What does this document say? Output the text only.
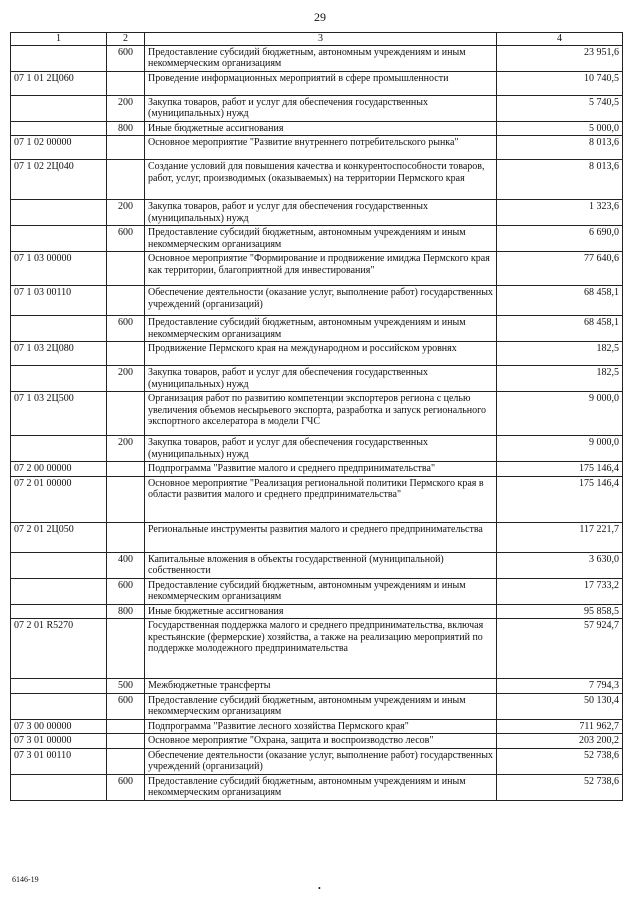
29
1	2	3	4
	600	Предоставление субсидий бюджетным, автономным учреждениям и иным некоммерческим организациям	23 951,6
07 1 01 2Ц060		Проведение информационных мероприятий в сфере промышленности	10 740,5
	200	Закупка товаров, работ и услуг для обеспечения государственных (муниципальных) нужд	5 740,5
	800	Иные бюджетные ассигнования	5 000,0
07 1 02 00000		Основное мероприятие "Развитие внутреннего потребительского рынка"	8 013,6
07 1 02 2Ц040		Создание условий для повышения качества и конкурентоспособности товаров, работ, услуг, производимых (оказываемых) на территории Пермского края	8 013,6
	200	Закупка товаров, работ и услуг для обеспечения государственных (муниципальных) нужд	1 323,6
	600	Предоставление субсидий бюджетным, автономным учреждениям и иным некоммерческим организациям	6 690,0
07 1 03 00000		Основное мероприятие "Формирование и продвижение имиджа Пермского края как территории, благоприятной для инвестирования"	77 640,6
07 1 03 00110		Обеспечение деятельности (оказание услуг, выполнение работ) государственных учреждений (организаций)	68 458,1
	600	Предоставление субсидий бюджетным, автономным учреждениям и иным некоммерческим организациям	68 458,1
07 1 03 2Ц080		Продвижение Пермского края на международном и российском уровнях	182,5
	200	Закупка товаров, работ и услуг для обеспечения государственных (муниципальных) нужд	182,5
07 1 03 2Ц500		Организация работ по развитию компетенции экспортеров региона с целью увеличения объемов несырьевого экспорта, разработка и запуск регионального экспортного акселератора в модели ГЧС	9 000,0
	200	Закупка товаров, работ и услуг для обеспечения государственных (муниципальных) нужд	9 000,0
07 2 00 00000		Подпрограмма "Развитие малого и среднего предпринимательства"	175 146,4
07 2 01 00000		Основное мероприятие "Реализация региональной политики Пермского края в области развития малого и среднего предпринимательства"	175 146,4
07 2 01 2Ц050		Региональные инструменты развития малого и среднего предпринимательства	117 221,7
	400	Капитальные вложения в объекты государственной (муниципальной) собственности	3 630,0
	600	Предоставление субсидий бюджетным, автономным учреждениям и иным некоммерческим организациям	17 733,2
	800	Иные бюджетные ассигнования	95 858,5
07 2 01 R5270		Государственная поддержка малого и среднего предпринимательства, включая крестьянские (фермерские) хозяйства, а также на реализацию мероприятий по поддержке молодежного предпринимательства	57 924,7
	500	Межбюджетные трансферты	7 794,3
	600	Предоставление субсидий бюджетным, автономным учреждениям и иным некоммерческим организациям	50 130,4
07 3 00 00000		Подпрограмма "Развитие лесного хозяйства Пермского края"	711 962,7
07 3 01 00000		Основное мероприятие "Охрана, защита и воспроизводство лесов"	203 200,2
07 3 01 00110		Обеспечение деятельности (оказание услуг, выполнение работ) государственных учреждений (организаций)	52 738,6
	600	Предоставление субсидий бюджетным, автономным учреждениям и иным некоммерческим организациям	52 738,6
6146-19
•
